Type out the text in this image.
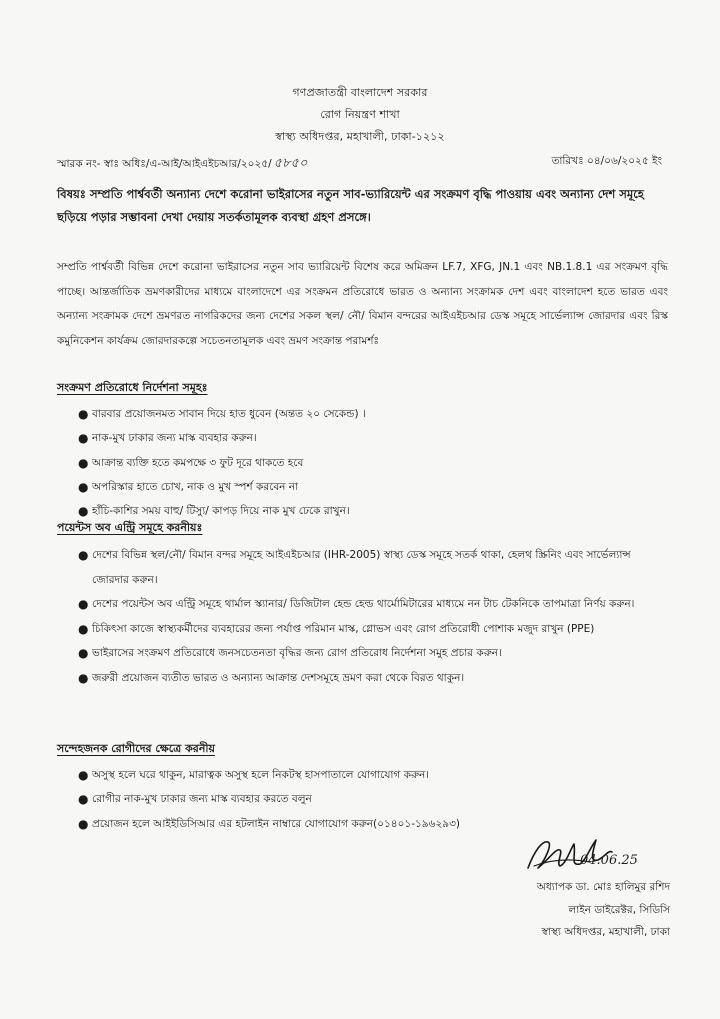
গণপ্রজাতন্ত্রী বাংলাদেশ সরকার
রোগ নিয়ন্ত্রণ শাখা
স্বাস্থ্য অধিদপ্তর, মহাখালী, ঢাকা-১২১২
স্মারক নং- স্বাঃ অধিঃ/এ-আই/আইএইচআর/২০২৫/ ৫৮৫০	তারিখঃ ০৪/০৬/২০২৫ ইং
বিষয়ঃ সম্প্রতি পার্শ্ববর্তী অন্যান্য দেশে করোনা ভাইরাসের নতুন সাব-ভ্যারিয়েন্ট এর সংক্রমণ বৃদ্ধি পাওয়ায় এবং অন্যান্য দেশ সমূহে ছড়িয়ে পড়ার সম্ভাবনা দেখা দেয়ায় সতর্কতামূলক ব্যবস্থা গ্রহণ প্রসঙ্গে।
সম্প্রতি পার্শ্ববর্তী বিভিন্ন দেশে করোনা ভাইরাসের নতুন সাব ভ্যারিয়েন্ট বিশেষ করে অমিক্রন LF.7, XFG, JN.1 এবং NB.1.8.1 এর সংক্রমণ বৃদ্ধি পাচ্ছে। আন্তর্জাতিক ভ্রমণকারীদের মাধ্যমে বাংলাদেশে এর সংক্রমন প্রতিরোধে ভারত ও অন্যান্য সংক্রামক দেশ এবং বাংলাদেশ হতে ভারত এবং অন্যান্য সংক্রামক দেশে ভ্রমণরত নাগরিকদের জন্য দেশের সকল স্থল/ নৌ/ বিমান বন্দরের আইএইচআর ডেস্ক সমূহে সার্ভেল্যান্স জোরদার এবং রিস্ক কমুনিকেশন কার্যক্রম জোরদারকল্পে সচেতনতামূলক এবং ভ্রমণ সংক্রান্ত পরামর্শঃ
সংক্রমণ প্রতিরোধে নির্দেশনা সমূহঃ
● বারবার প্রয়োজনমত সাবান দিয়ে হাত ধুবেন (অন্তত ২০ সেকেন্ড) ।
● নাক-মুখ ঢাকার জন্য মাস্ক ব্যবহার করুন।
● আক্রান্ত ব্যক্তি হতে কমপক্ষে ৩ ফুট দূরে থাকতে হবে
● অপরিস্কার হাতে চোখ, নাক ও মুখ স্পর্শ করবেন না
● হাঁচি-কাশির সময় বাহু/ টিস্যু/ কাপড় দিয়ে নাক মুখ ঢেকে রাখুন।
পয়েন্টস অব এন্ট্রি সমূহে করনীয়ঃ
● দেশের বিভিন্ন স্থল/নৌ/ বিমান বন্দর সমূহে আইএইচআর (IHR-2005) স্বাস্থ্য ডেস্ক সমূহে সতর্ক থাকা, হেলথ স্ক্রিনিং এবং সার্ভেল্যান্স জোরদার করুন।
● দেশের পয়েন্টস অব এন্ট্রি সমূহে থার্মাল স্ক্যানার/ ডিজিটাল হেন্ড হেল্ড থার্মোমিটারের মাধ্যমে নন টাচ টেকনিকে তাপমাত্রা নির্ণয় করুন।
● চিকিৎসা কাজে স্বাস্থ্যকর্মীদের ব্যবহারের জন্য পর্যাপ্ত পরিমান মাস্ক, গ্লোভস এবং রোগ প্রতিরোধী পোশাক মজুদ রাখুন (PPE)
● ভাইরাসের সংক্রমণ প্রতিরোধে জনসচেতনতা বৃদ্ধির জন্য রোগ প্রতিরোধ নির্দেশনা সমুহ প্রচার করুন।
● জরুরী প্রয়োজন ব্যতীত ভারত ও অন্যান্য আক্রান্ত দেশসমূহে ভ্রমণ করা থেকে বিরত থাকুন।
সন্দেহজনক রোগীদের ক্ষেত্রে করনীয়
● অসুস্থ হলে ঘরে থাকুন, মারাত্বক অসুস্থ হলে নিকটস্থ হাসপাতালে যোগাযোগ করুন।
● রোগীর নাক-মুখ ঢাকার জন্য মাস্ক ব্যবহার করতে বলুন
● প্রয়োজন হলে আইইডিসিআর এর হটলাইন নাম্বারে যোগাযোগ করুন(০১৪০১-১৯৬২৯৩)
04.06.25
অধ্যাপক ডা. মোঃ হালিমুর রশিদ
লাইন ডাইরেক্টর, সিডিসি
স্বাস্থ্য অধিদপ্তর, মহাখালী, ঢাকা
